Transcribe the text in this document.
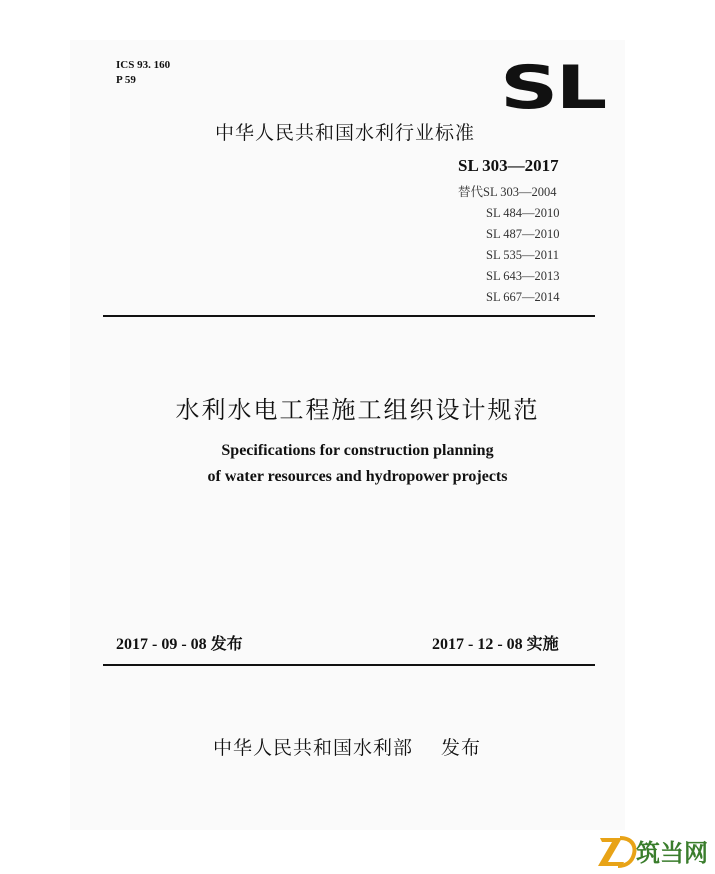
ICS 93. 160
P 59	SL
中华人民共和国水利行业标准
SL 303—2017
替代SL 303—2004
SL 484—2010
SL 487—2010
SL 535—2011
SL 643—2013
SL 667—2014
水利水电工程施工组织设计规范
Specifications for construction planning
of water resources and hydropower projects
2017 - 09 - 08 发布	2017 - 12 - 08 实施
中华人民共和国水利部 发布
筑当网
